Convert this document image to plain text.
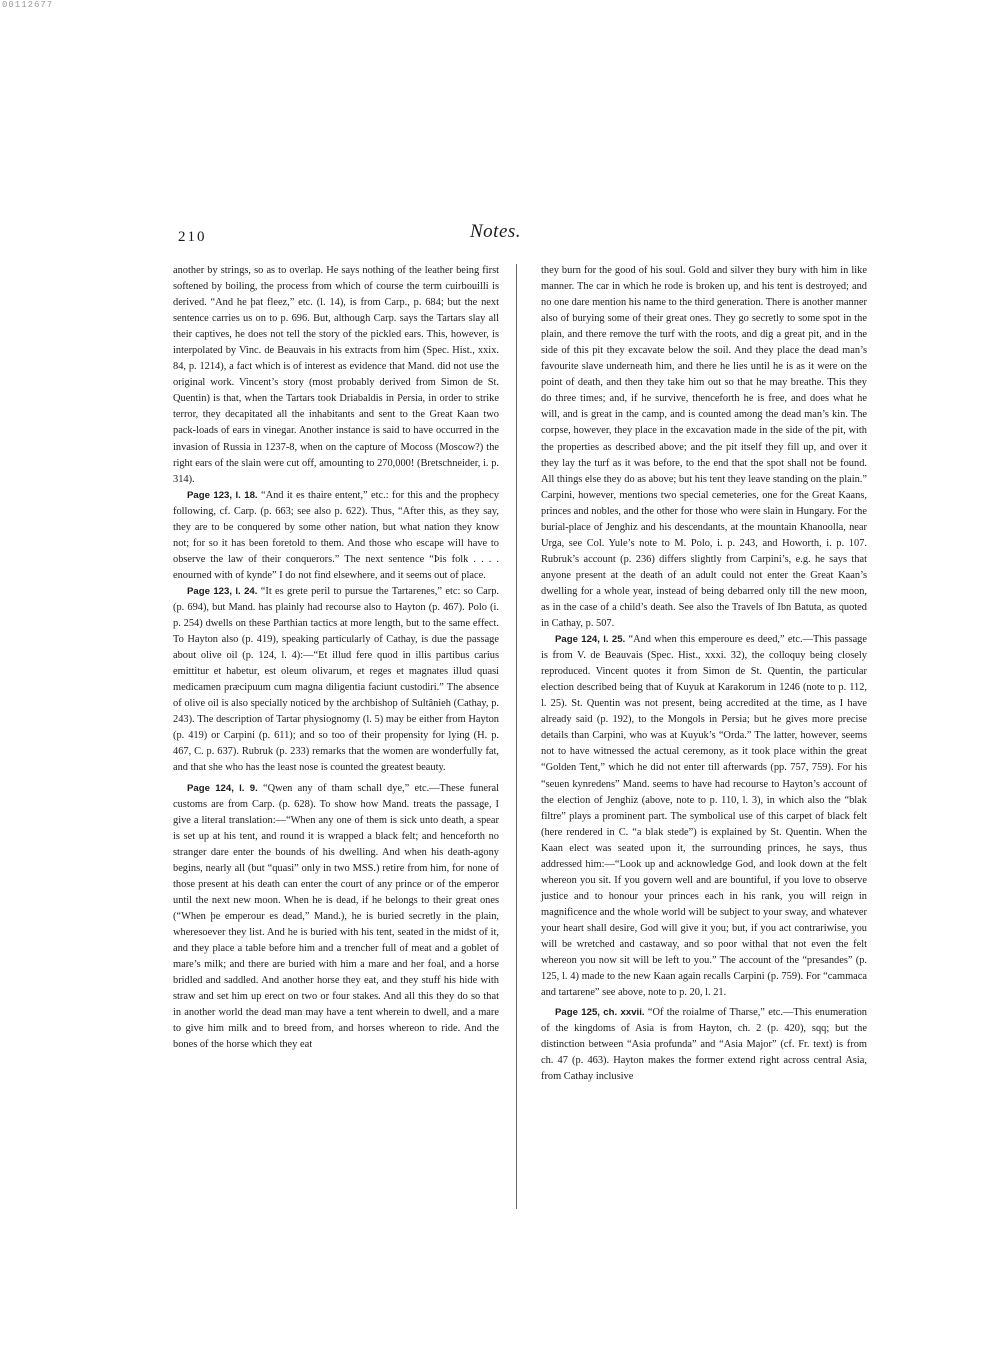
00112677
210	Notes.

another by strings, so as to overlap. He says nothing of the leather being first softened by boiling, the process from which of course the term cuirbouilli is derived. “And he þat fleez,” etc. (l. 14), is from Carp., p. 684; but the next sentence carries us on to p. 696. But, although Carp. says the Tartars slay all their captives, he does not tell the story of the pickled ears. This, however, is interpolated by Vinc. de Beauvais in his extracts from him (Spec. Hist., xxix. 84, p. 1214), a fact which is of interest as evidence that Mand. did not use the original work. Vincent’s story (most probably derived from Simon de St. Quentin) is that, when the Tartars took Driabaldis in Persia, in order to strike terror, they decapitated all the inhabitants and sent to the Great Kaan two pack-loads of ears in vinegar. Another instance is said to have occurred in the invasion of Russia in 1237-8, when on the capture of Mocoss (Moscow?) the right ears of the slain were cut off, amounting to 270,000! (Bretschneider, i. p. 314).

Page 123, l. 18. “And it es thaire entent,” etc.: for this and the prophecy following, cf. Carp. (p. 663; see also p. 622). Thus, “After this, as they say, they are to be conquered by some other nation, but what nation they know not; for so it has been foretold to them. And those who escape will have to observe the law of their conquerors.” The next sentence “Þis folk . . . . enourned with of kynde” I do not find elsewhere, and it seems out of place.

Page 123, l. 24. “It es grete peril to pursue the Tartarenes,” etc: so Carp. (p. 694), but Mand. has plainly had recourse also to Hayton (p. 467). Polo (i. p. 254) dwells on these Parthian tactics at more length, but to the same effect. To Hayton also (p. 419), speaking particularly of Cathay, is due the passage about olive oil (p. 124, l. 4):—“Et illud fere quod in illis partibus carius emittitur et habetur, est oleum olivarum, et reges et magnates illud quasi medicamen præcipuum cum magna diligentia faciunt custodiri.” The absence of olive oil is also specially noticed by the archbishop of Sultânieh (Cathay, p. 243). The description of Tartar physiognomy (l. 5) may be either from Hayton (p. 419) or Carpini (p. 611); and so too of their propensity for lying (H. p. 467, C. p. 637). Rubruk (p. 233) remarks that the women are wonderfully fat, and that she who has the least nose is counted the greatest beauty.

Page 124, l. 9. “Qwen any of tham schall dye,” etc.—These funeral customs are from Carp. (p. 628). To show how Mand. treats the passage, I give a literal translation:—“When any one of them is sick unto death, a spear is set up at his tent, and round it is wrapped a black felt; and henceforth no stranger dare enter the bounds of his dwelling. And when his death-agony begins, nearly all (but “quasi” only in two MSS.) retire from him, for none of those present at his death can enter the court of any prince or of the emperor until the next new moon. When he is dead, if he belongs to their great ones (“When þe emperour es dead,” Mand.), he is buried secretly in the plain, wheresoever they list. And he is buried with his tent, seated in the midst of it, and they place a table before him and a trencher full of meat and a goblet of mare’s milk; and there are buried with him a mare and her foal, and a horse bridled and saddled. And another horse they eat, and they stuff his hide with straw and set him up erect on two or four stakes. And all this they do so that in another world the dead man may have a tent wherein to dwell, and a mare to give him milk and to breed from, and horses whereon to ride. And the bones of the horse which they eat

they burn for the good of his soul. Gold and silver they bury with him in like manner. The car in which he rode is broken up, and his tent is destroyed; and no one dare mention his name to the third generation. There is another manner also of burying some of their great ones. They go secretly to some spot in the plain, and there remove the turf with the roots, and dig a great pit, and in the side of this pit they excavate below the soil. And they place the dead man’s favourite slave underneath him, and there he lies until he is as it were on the point of death, and then they take him out so that he may breathe. This they do three times; and, if he survive, thenceforth he is free, and does what he will, and is great in the camp, and is counted among the dead man’s kin. The corpse, however, they place in the excavation made in the side of the pit, with the properties as described above; and the pit itself they fill up, and over it they lay the turf as it was before, to the end that the spot shall not be found. All things else they do as above; but his tent they leave standing on the plain.” Carpini, however, mentions two special cemeteries, one for the Great Kaans, princes and nobles, and the other for those who were slain in Hungary. For the burial-place of Jenghiz and his descendants, at the mountain Khanoolla, near Urga, see Col. Yule’s note to M. Polo, i. p. 243, and Howorth, i. p. 107. Rubruk’s account (p. 236) differs slightly from Carpini’s, e.g. he says that anyone present at the death of an adult could not enter the Great Kaan’s dwelling for a whole year, instead of being debarred only till the new moon, as in the case of a child’s death. See also the Travels of Ibn Batuta, as quoted in Cathay, p. 507.

Page 124, l. 25. “And when this emperoure es deed,” etc.—This passage is from V. de Beauvais (Spec. Hist., xxxi. 32), the colloquy being closely reproduced. Vincent quotes it from Simon de St. Quentin, the particular election described being that of Kuyuk at Karakorum in 1246 (note to p. 112, l. 25). St. Quentin was not present, being accredited at the time, as I have already said (p. 192), to the Mongols in Persia; but he gives more precise details than Carpini, who was at Kuyuk’s “Orda.” The latter, however, seems not to have witnessed the actual ceremony, as it took place within the great “Golden Tent,” which he did not enter till afterwards (pp. 757, 759). For his “seuen kynredens” Mand. seems to have had recourse to Hayton’s account of the election of Jenghiz (above, note to p. 110, l. 3), in which also the “blak filtre” plays a prominent part. The symbolical use of this carpet of black felt (here rendered in C. “a blak stede”) is explained by St. Quentin. When the Kaan elect was seated upon it, the surrounding princes, he says, thus addressed him:—“Look up and acknowledge God, and look down at the felt whereon you sit. If you govern well and are bountiful, if you love to observe justice and to honour your princes each in his rank, you will reign in magnificence and the whole world will be subject to your sway, and whatever your heart shall desire, God will give it you; but, if you act contrariwise, you will be wretched and castaway, and so poor withal that not even the felt whereon you now sit will be left to you.” The account of the “presandes” (p. 125, l. 4) made to the new Kaan again recalls Carpini (p. 759). For “cammaca and tartarene” see above, note to p. 20, l. 21.

Page 125, ch. xxvii. “Of the roialme of Tharse,” etc.—This enumeration of the kingdoms of Asia is from Hayton, ch. 2 (p. 420), sqq; but the distinction between “Asia profunda” and “Asia Major” (cf. Fr. text) is from ch. 47 (p. 463). Hayton makes the former extend right across central Asia, from Cathay inclusive
